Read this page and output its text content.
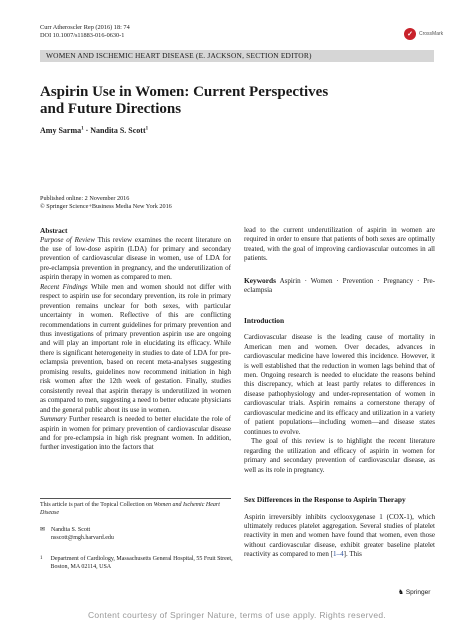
Curr Atheroscler Rep (2016) 18: 74
DOI 10.1007/s11883-016-0630-1	✓	CrossMark
WOMEN AND ISCHEMIC HEART DISEASE (E. JACKSON, SECTION EDITOR)
Aspirin Use in Women: Current Perspectives
and Future Directions
Amy Sarma$^1$ · Nandita S. Scott$^1$
Published online: 2 November 2016
© Springer Science+Business Media New York 2016
Abstract

Purpose of Review This review examines the recent literature on the use of low-dose aspirin (LDA) for primary and secondary prevention of cardiovascular disease in women, use of LDA for pre-eclampsia prevention in pregnancy, and the underutilization of aspirin therapy in women as compared to men.

Recent Findings While men and women should not differ with respect to aspirin use for secondary prevention, its role in primary prevention remains unclear for both sexes, with particular uncertainty in women. Reflective of this are conflicting recommendations in current guidelines for primary prevention and thus investigations of primary prevention aspirin use are ongoing and will play an important role in elucidating its efficacy. While there is significant heterogeneity in studies to date of LDA for pre-eclampsia prevention, based on recent meta-analyses suggesting promising results, guidelines now recommend initiation in high risk women after the 12th week of gestation. Finally, studies consistently reveal that aspirin therapy is underutilized in women as compared to men, suggesting a need to better educate physicians and the general public about its use in women.

Summary Further research is needed to better elucidate the role of aspirin in women for primary prevention of cardiovascular disease and for pre-eclampsia in high risk pregnant women. In addition, further investigation into the factors that

This article is part of the Topical Collection on Women and Ischemic Heart Disease
✉ Nandita S. Scott
nsscott@mgh.harvard.edu
1 Department of Cardiology, Massachusetts General Hospital, 55 Fruit Street, Boston, MA 02114, USA

lead to the current underutilization of aspirin in women are required in order to ensure that patients of both sexes are optimally treated, with the goal of improving cardiovascular outcomes in all patients.

Keywords Aspirin · Women · Prevention · Pregnancy · Pre-eclampsia

Introduction

Cardiovascular disease is the leading cause of mortality in American men and women. Over decades, advances in cardiovascular medicine have lowered this incidence. However, it is well established that the reduction in women lags behind that of men. Ongoing research is needed to elucidate the reasons behind this discrepancy, which at least partly relates to differences in disease pathophysiology and under-representation of women in cardiovascular trials. Aspirin remains a cornerstone therapy of cardiovascular medicine and its efficacy and utilization in a variety of patient populations—including women—and disease states continues to evolve.

The goal of this review is to highlight the recent literature regarding the utilization and efficacy of aspirin in women for primary and secondary prevention of cardiovascular disease, as well as its role in pregnancy.

Sex Differences in the Response to Aspirin Therapy

Aspirin irreversibly inhibits cyclooxygenase 1 (COX-1), which ultimately reduces platelet aggregation. Several studies of platelet reactivity in men and women have found that women, even those without cardiovascular disease, exhibit greater baseline platelet reactivity as compared to men [1–4]. This

♞ Springer
Content courtesy of Springer Nature, terms of use apply. Rights reserved.
